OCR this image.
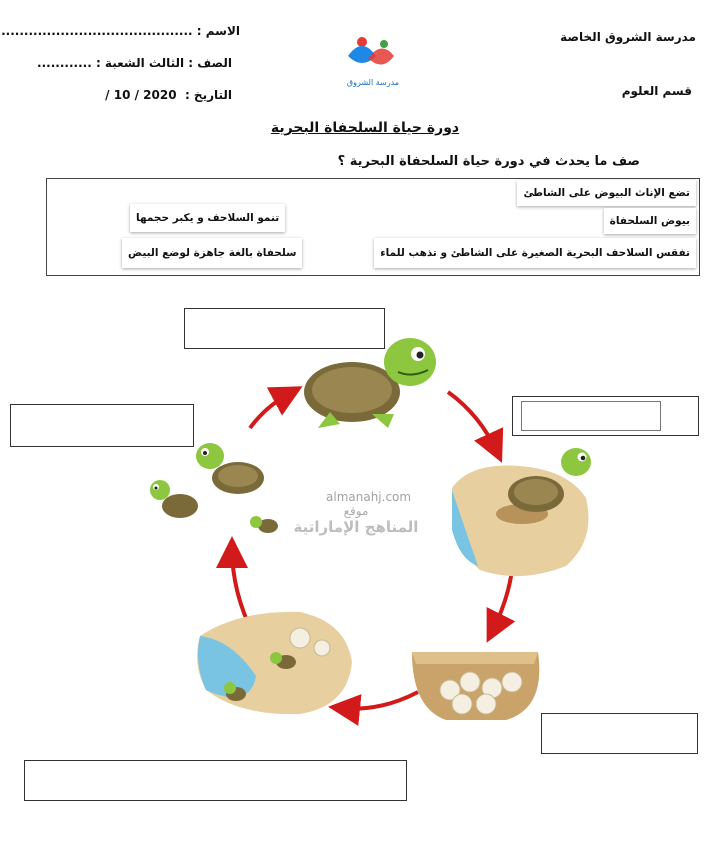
مدرسة الشروق الخاصة
قسم العلوم
الاسم : ..........................................
الصف : الثالث الشعبة : ............
التاريخ :  2020 / 10 /
مدرسة الشروق
دورة حياة السلحفاة البحرية
صف ما يحدث في دورة حياة السلحفاة البحرية ؟
تضع الإناث البيوض على الشاطئ
بيوض السلحفاة
تفقس السلاحف البحرية الصغيرة على الشاطئ و تذهب للماء
تنمو السلاحف و يكبر حجمها
سلحفاة بالغة جاهزة لوضع البيض
almanahj.com
موقع
المناهج الإماراتية
